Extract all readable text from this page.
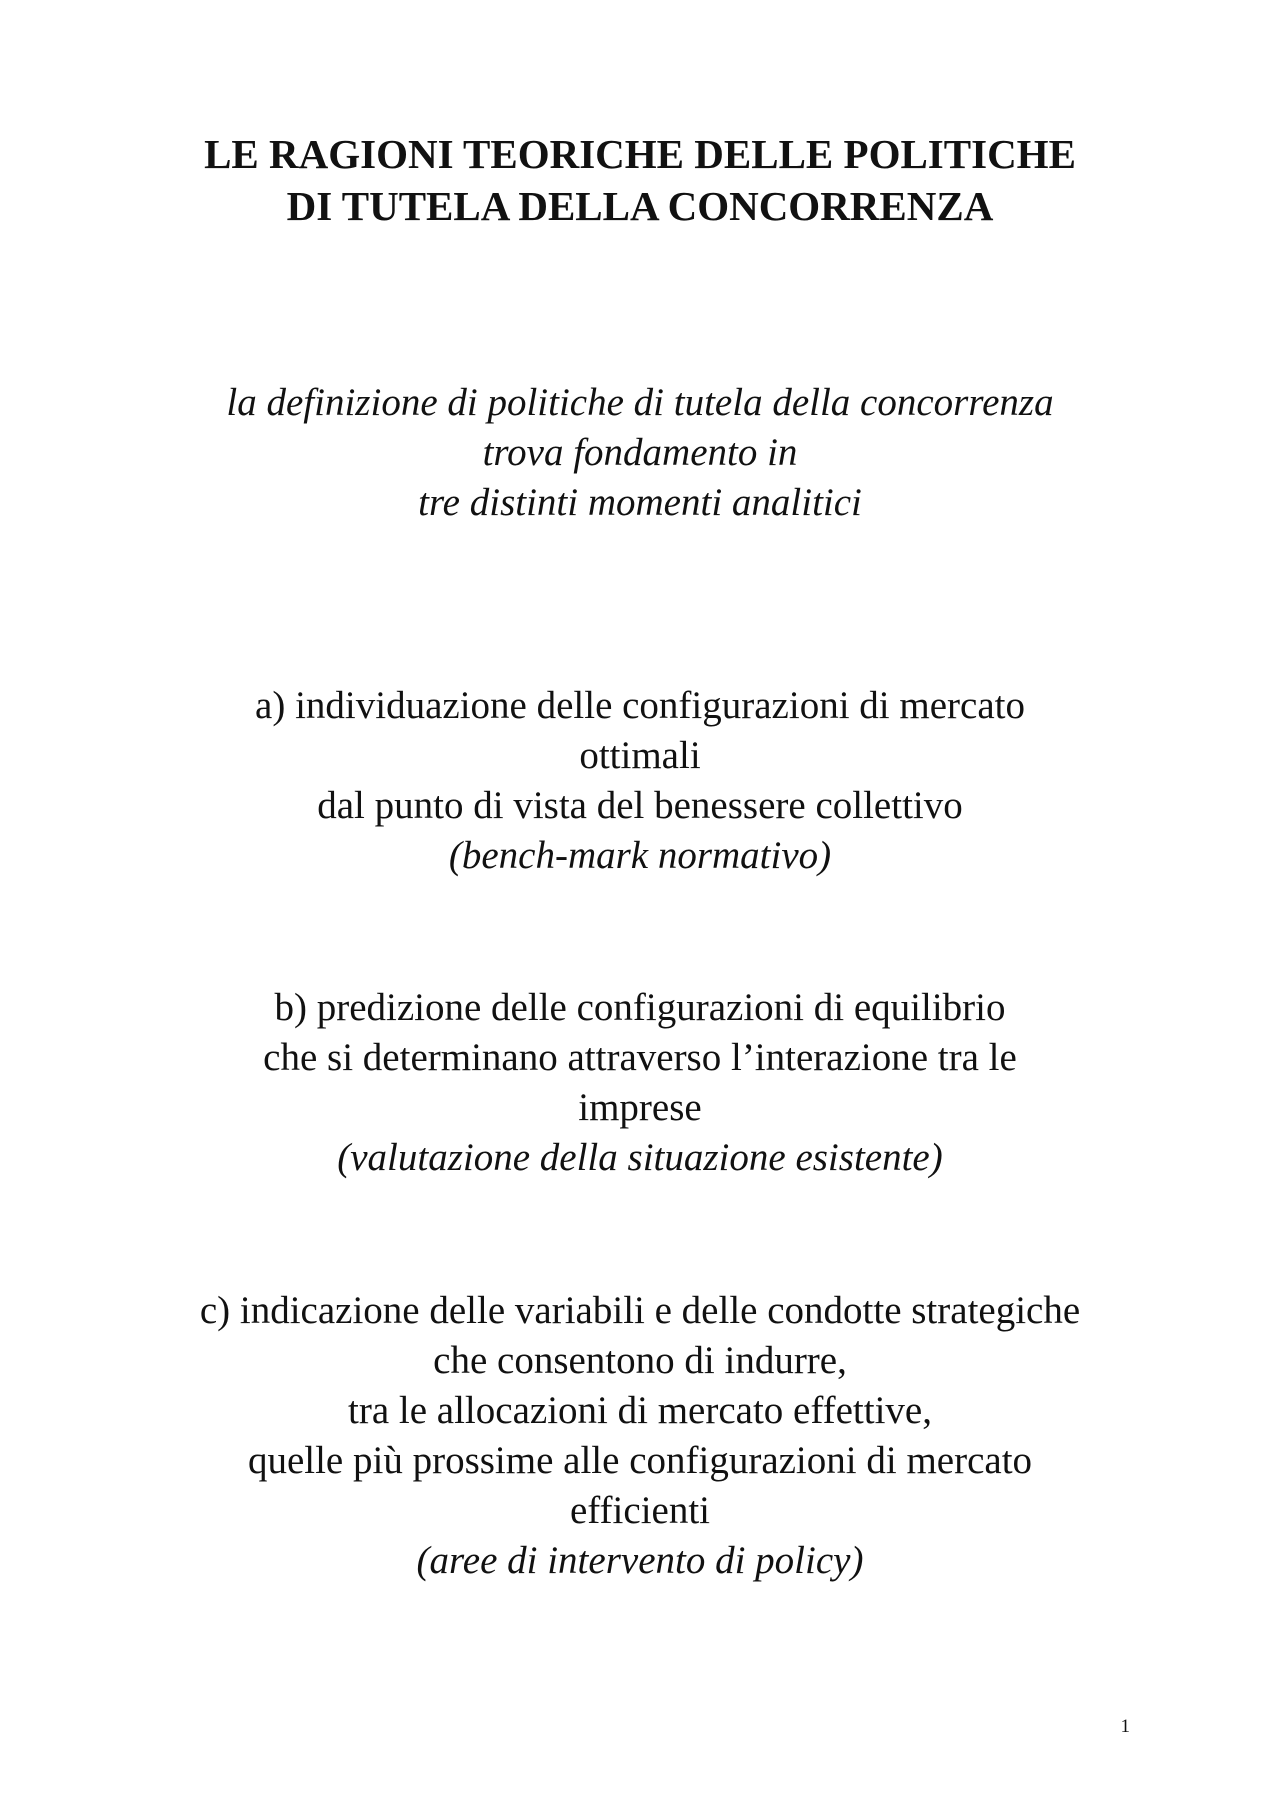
LE RAGIONI TEORICHE DELLE POLITICHE
DI TUTELA DELLA CONCORRENZA
la definizione di politiche di tutela della concorrenza
trova fondamento in
tre distinti momenti analitici
a) individuazione delle configurazioni di mercato
ottimali
dal punto di vista del benessere collettivo
(bench-mark normativo)
b) predizione delle configurazioni di equilibrio
che si determinano attraverso l’interazione tra le
imprese
(valutazione della situazione esistente)
c) indicazione delle variabili e delle condotte strategiche
che consentono di indurre,
tra le allocazioni di mercato effettive,
quelle più prossime alle configurazioni di mercato
efficienti
(aree di intervento di policy)
1
